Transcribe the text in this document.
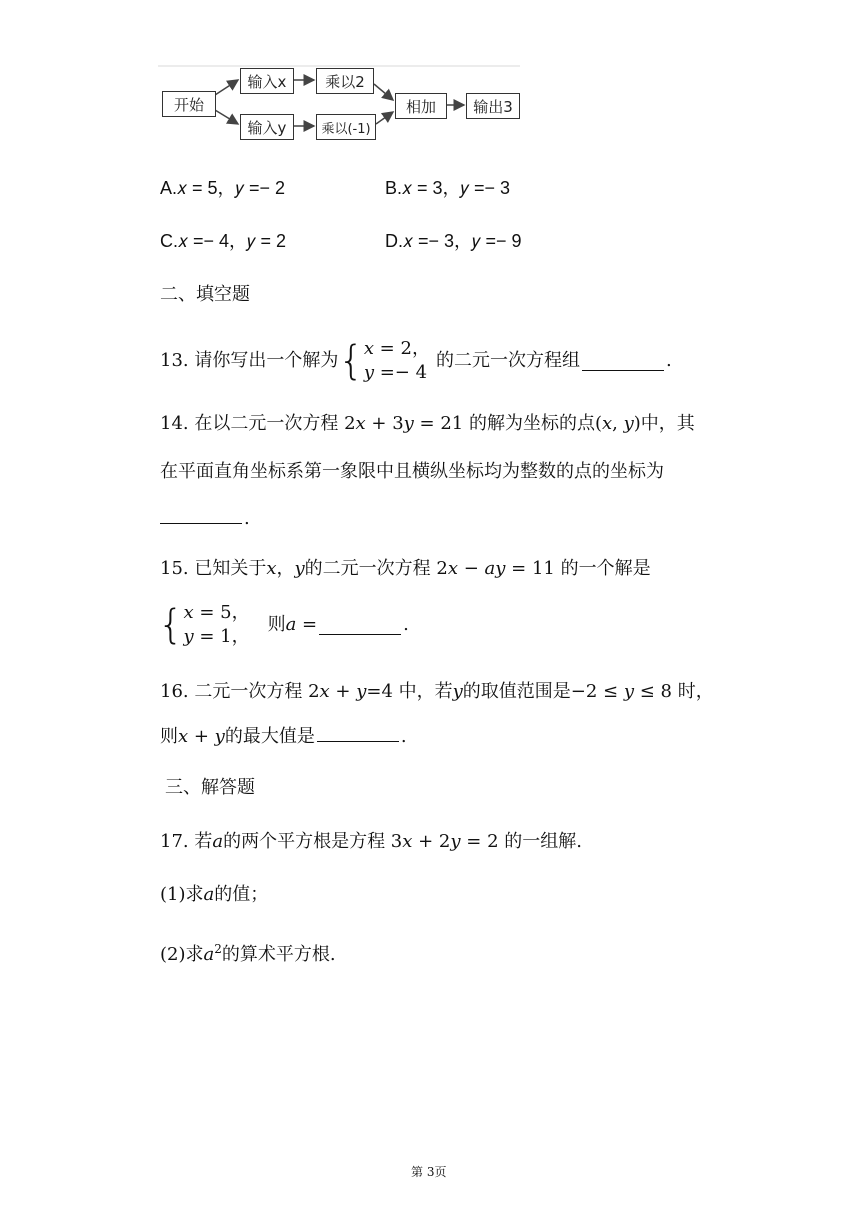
开始
输入x	乘以2
输入y	乘以(-1)
相加	输出3
A.𝑥 = 5，𝑦 =− 2	B.𝑥 = 3，𝑦 =− 3
C.𝑥 =− 4，𝑦 = 2	D.𝑥 =− 3，𝑦 =− 9
二、填空题
13. 请你写出一个解为 { 𝑥 = 2，
𝑦 =− 4
的二元一次方程组	.
14. 在以二元一次方程 2𝑥 + 3𝑦 = 21 的解为坐标的点(𝑥, 𝑦)中，其
在平面直角坐标系第一象限中且横纵坐标均为整数的点的坐标为
.
15. 已知关于𝑥，𝑦的二元一次方程 2𝑥 − 𝑎𝑦 = 11 的一个解是
{ 𝑥 = 5，
𝑦 = 1，
则𝑎 =	.
16. 二元一次方程 2𝑥 + 𝑦=4 中，若𝑦的取值范围是−2 ≤ 𝑦 ≤ 8 时，
则𝑥 + 𝑦的最大值是	.
三、解答题
17. 若𝑎的两个平方根是方程 3𝑥 + 2𝑦 = 2 的一组解.
(1)求𝑎的值；
(2)求𝑎$^2$的算术平方根.
第 3页
